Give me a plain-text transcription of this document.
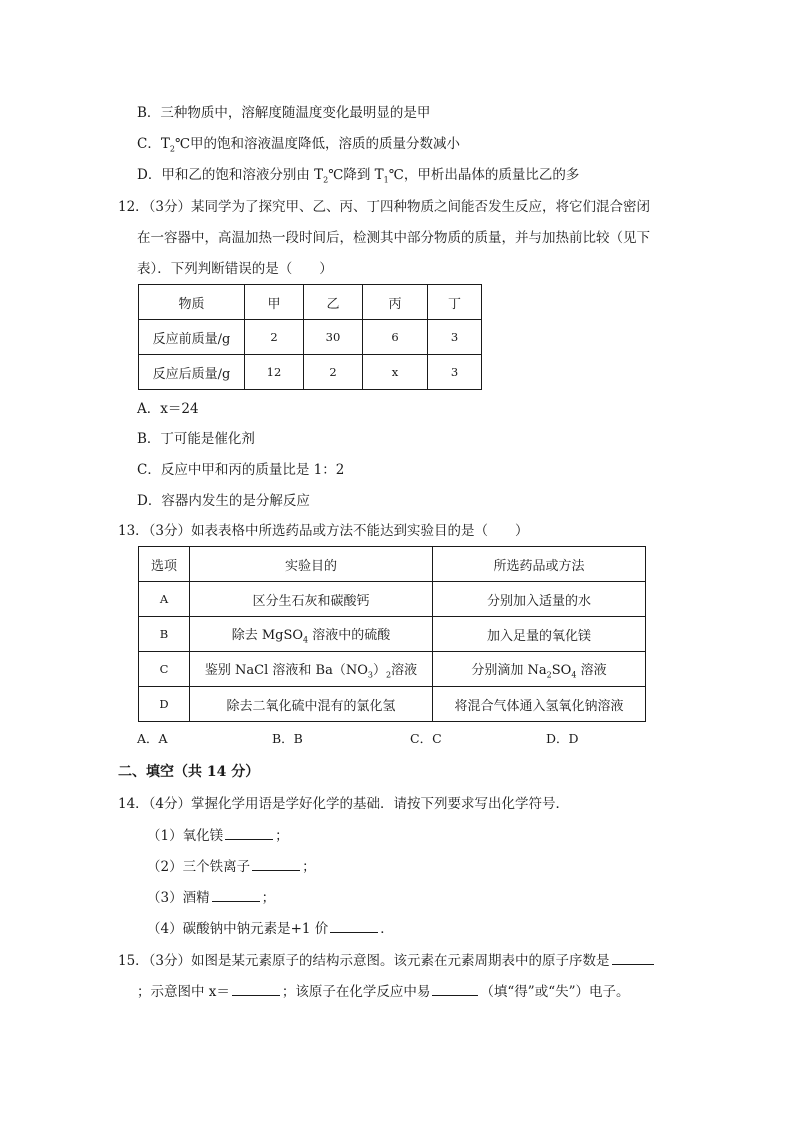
B．三种物质中，溶解度随温度变化最明显的是甲
C．$T_2℃$甲的饱和溶液温度降低，溶质的质量分数减小
D．甲和乙的饱和溶液分别由 $T_2℃$降到 $T_1℃$，甲析出晶体的质量比乙的多
12．（3分）某同学为了探究甲、乙、丙、丁四种物质之间能否发生反应，将它们混合密闭
在一容器中，高温加热一段时间后，检测其中部分物质的质量，并与加热前比较（见下
表）．下列判断错误的是（　　）
物质	甲	乙	丙	丁
反应前质量/g	2	30	6	3
反应后质量/g	12	2	x	3
A．x＝24
B．丁可能是催化剂
C．反应中甲和丙的质量比是 1：2
D．容器内发生的是分解反应
13．（3分）如表表格中所选药品或方法不能达到实验目的是（　　）
选项	实验目的	所选药品或方法
A	区分生石灰和碳酸钙	分别加入适量的水
B	除去 MgSO$_4$ 溶液中的硫酸	加入足量的氧化镁
C	鉴别 NaCl 溶液和 $Ba(NO_3)_2$溶液	分别滴加 $Na_2SO_4$ 溶液
D	除去二氧化硫中混有的氯化氢	将混合气体通入氢氧化钠溶液
A．A	B．B	C．C	D．D
二、填空（共 14 分）
14．（4分）掌握化学用语是学好化学的基础．请按下列要求写出化学符号．
（1）氧化镁	；
（2）三个铁离子	；
（3）酒精	；
（4）碳酸钠中钠元素是+1 价	．
15．（3分）如图是某元素原子的结构示意图。该元素在元素周期表中的原子序数是
；示意图中 x＝	；该原子在化学反应中易	（填“得”或“失”）电子。
